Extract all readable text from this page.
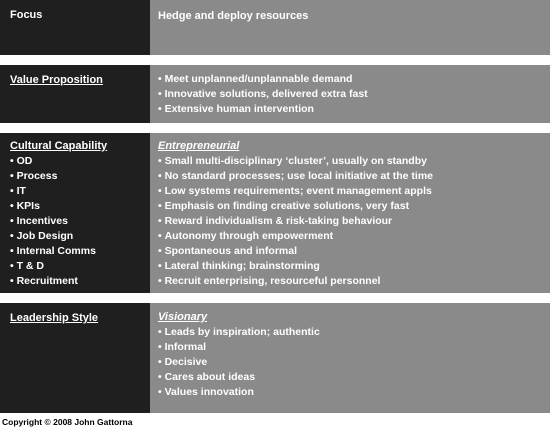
Focus	Hedge and deploy resources
Value Proposition
•	Meet unplanned/unplannable demand
• Innovative solutions, delivered extra fast
• Extensive human intervention
Cultural Capability
• OD
• Process
• IT
• KPIs
• Incentives
• Job Design
• Internal Comms
• T & D
• Recruitment
Entrepreneurial
• Small multi-disciplinary ‘cluster’, usually on standby
• No standard processes; use local initiative at the time
• Low systems requirements; event management appls
• Emphasis on finding creative solutions, very fast
• Reward individualism & risk-taking behaviour
• Autonomy through empowerment
• Spontaneous and informal
• Lateral thinking; brainstorming
• Recruit enterprising, resourceful personnel
Leadership Style	Visionary
• Leads by inspiration; authentic
• Informal
• Decisive
• Cares about ideas
• Values innovation
Copyright © 2008 John Gattorna
